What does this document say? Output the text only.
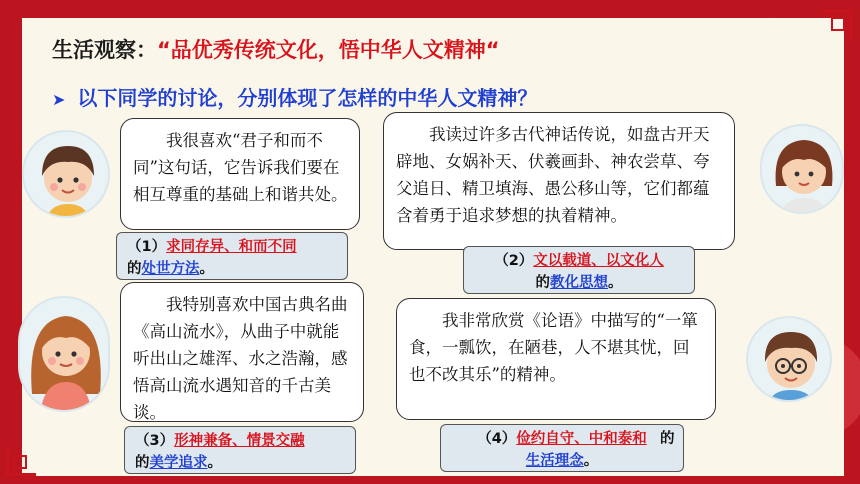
生活观察：“品优秀传统文化，悟中华人文精神“
➤ 以下同学的讨论，分别体现了怎样的中华人文精神？

我很喜欢“君子和而不同”这句话，它告诉我们要在相互尊重的基础上和谐共处。

（1）求同存异、和而不同
的处世方法。

我读过许多古代神话传说，如盘古开天辟地、女娲补天、伏羲画卦、神农尝草、夸父追日、精卫填海、愚公移山等，它们都蕴含着勇于追求梦想的执着精神。

（2）文以载道、以文化人
的教化思想。

我特别喜欢中国古典名曲《高山流水》，从曲子中就能听出山之雄浑、水之浩瀚，感悟高山流水遇知音的千古美谈。

（3）形神兼备、情景交融
的美学追求。

我非常欣赏《论语》中描写的“一箪食，一瓢饮，在陋巷，人不堪其忧，回也不改其乐”的精神。

（4）俭约自守、中和泰和
生活理念。
的
